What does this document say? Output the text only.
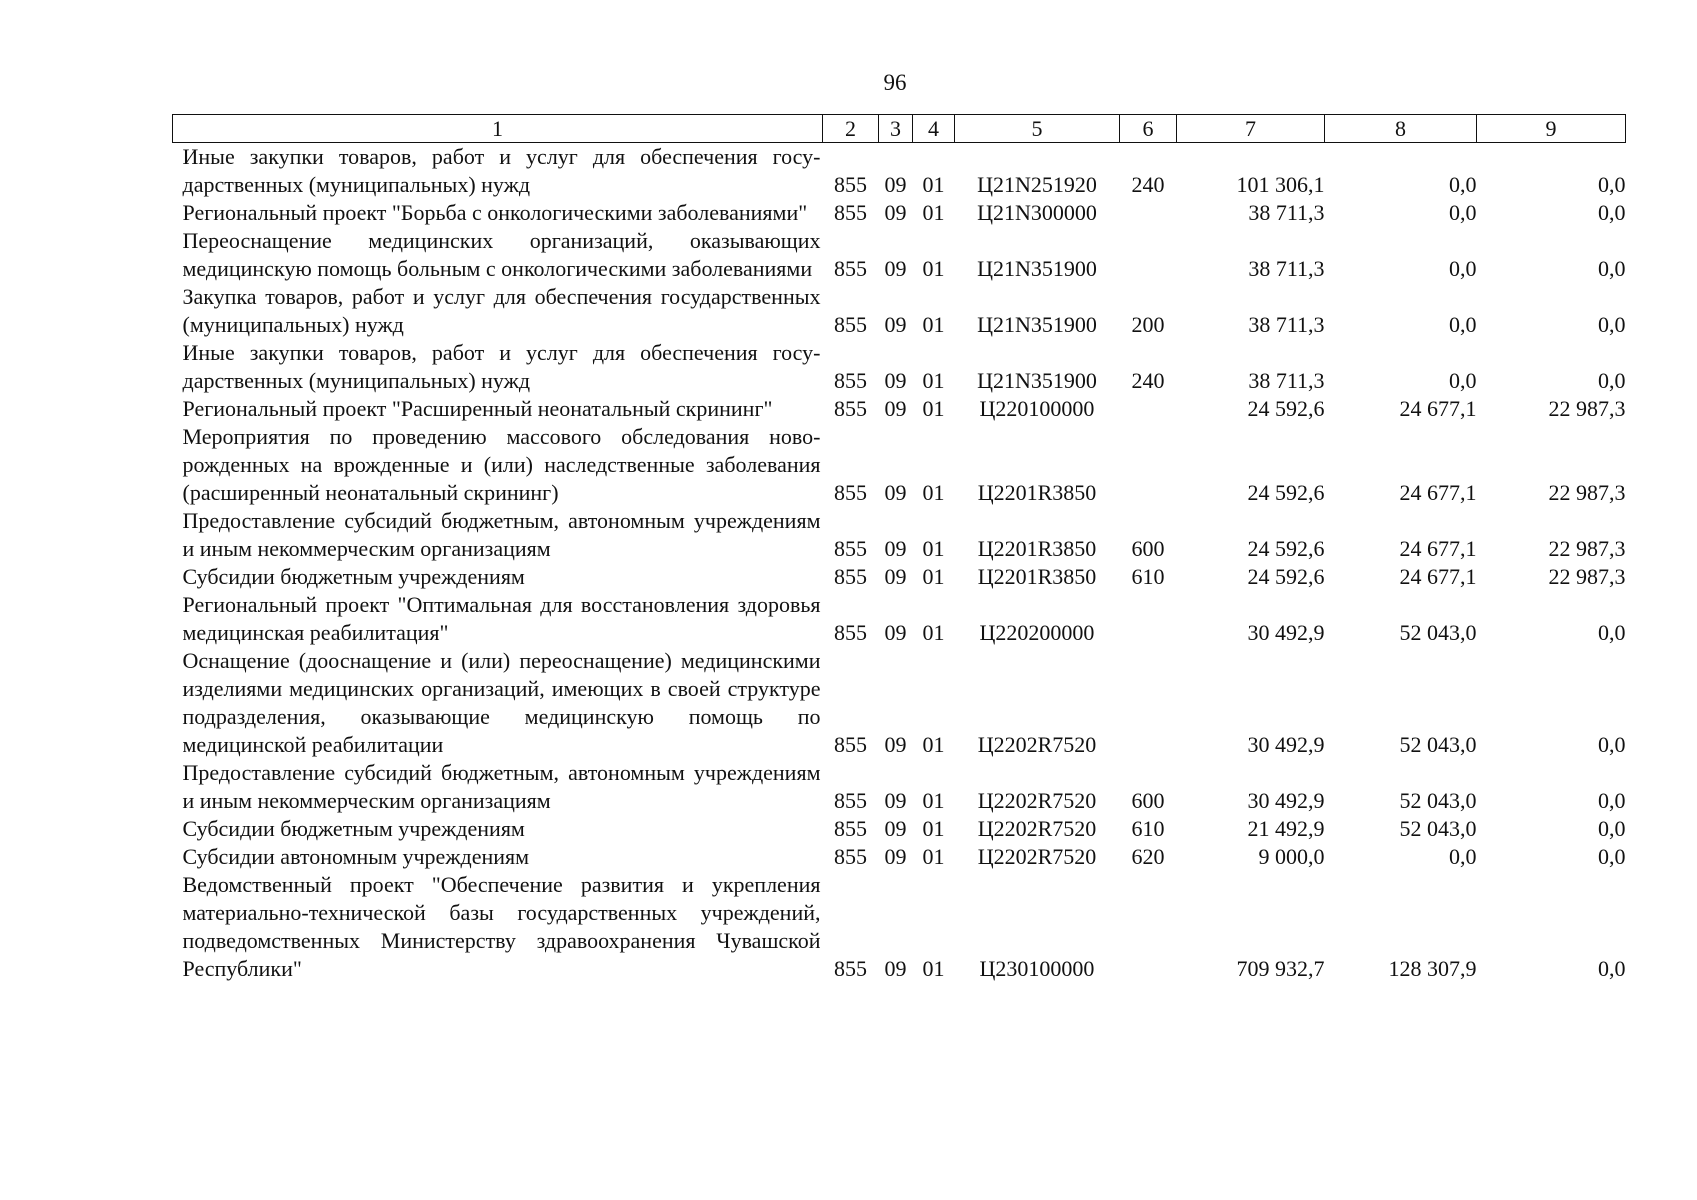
96
1	2	3	4	5	6	7	8	9
Иные закупки товаров, работ и услуг для обеспечения государственных (муниципальных) нужд	855	09	01	Ц21N251920	240	101 306,1	0,0	0,0
Региональный проект "Борьба с онкологическими заболеваниями"	855	09	01	Ц21N300000		38 711,3	0,0	0,0
Переоснащение медицинских организаций, оказывающих медицинскую помощь больным с онкологическими заболеваниями	855	09	01	Ц21N351900		38 711,3	0,0	0,0
Закупка товаров, работ и услуг для обеспечения государственных (муниципальных) нужд	855	09	01	Ц21N351900	200	38 711,3	0,0	0,0
Иные закупки товаров, работ и услуг для обеспечения государственных (муниципальных) нужд	855	09	01	Ц21N351900	240	38 711,3	0,0	0,0
Региональный проект "Расширенный неонатальный скрининг"	855	09	01	Ц220100000		24 592,6	24 677,1	22 987,3
Мероприятия по проведению массового обследования новорожденных на врожденные и (или) наследственные заболевания (расширенный неонатальный скрининг)	855	09	01	Ц2201R3850		24 592,6	24 677,1	22 987,3
Предоставление субсидий бюджетным, автономным учреждениям и иным некоммерческим организациям	855	09	01	Ц2201R3850	600	24 592,6	24 677,1	22 987,3
Субсидии бюджетным учреждениям	855	09	01	Ц2201R3850	610	24 592,6	24 677,1	22 987,3
Региональный проект "Оптимальная для восстановления здоровья медицинская реабилитация"	855	09	01	Ц220200000		30 492,9	52 043,0	0,0
Оснащение (дооснащение и (или) переоснащение) медицинскими изделиями медицинских организаций, имеющих в своей структуре подразделения, оказывающие медицинскую помощь по медицинской реабилитации	855	09	01	Ц2202R7520		30 492,9	52 043,0	0,0
Предоставление субсидий бюджетным, автономным учреждениям и иным некоммерческим организациям	855	09	01	Ц2202R7520	600	30 492,9	52 043,0	0,0
Субсидии бюджетным учреждениям	855	09	01	Ц2202R7520	610	21 492,9	52 043,0	0,0
Субсидии автономным учреждениям	855	09	01	Ц2202R7520	620	9 000,0	0,0	0,0
Ведомственный проект "Обеспечение развития и укрепления материально-технической базы государственных учреждений, подведомственных Министерству здравоохранения Чувашской Республики"	855	09	01	Ц230100000		709 932,7	128 307,9	0,0
